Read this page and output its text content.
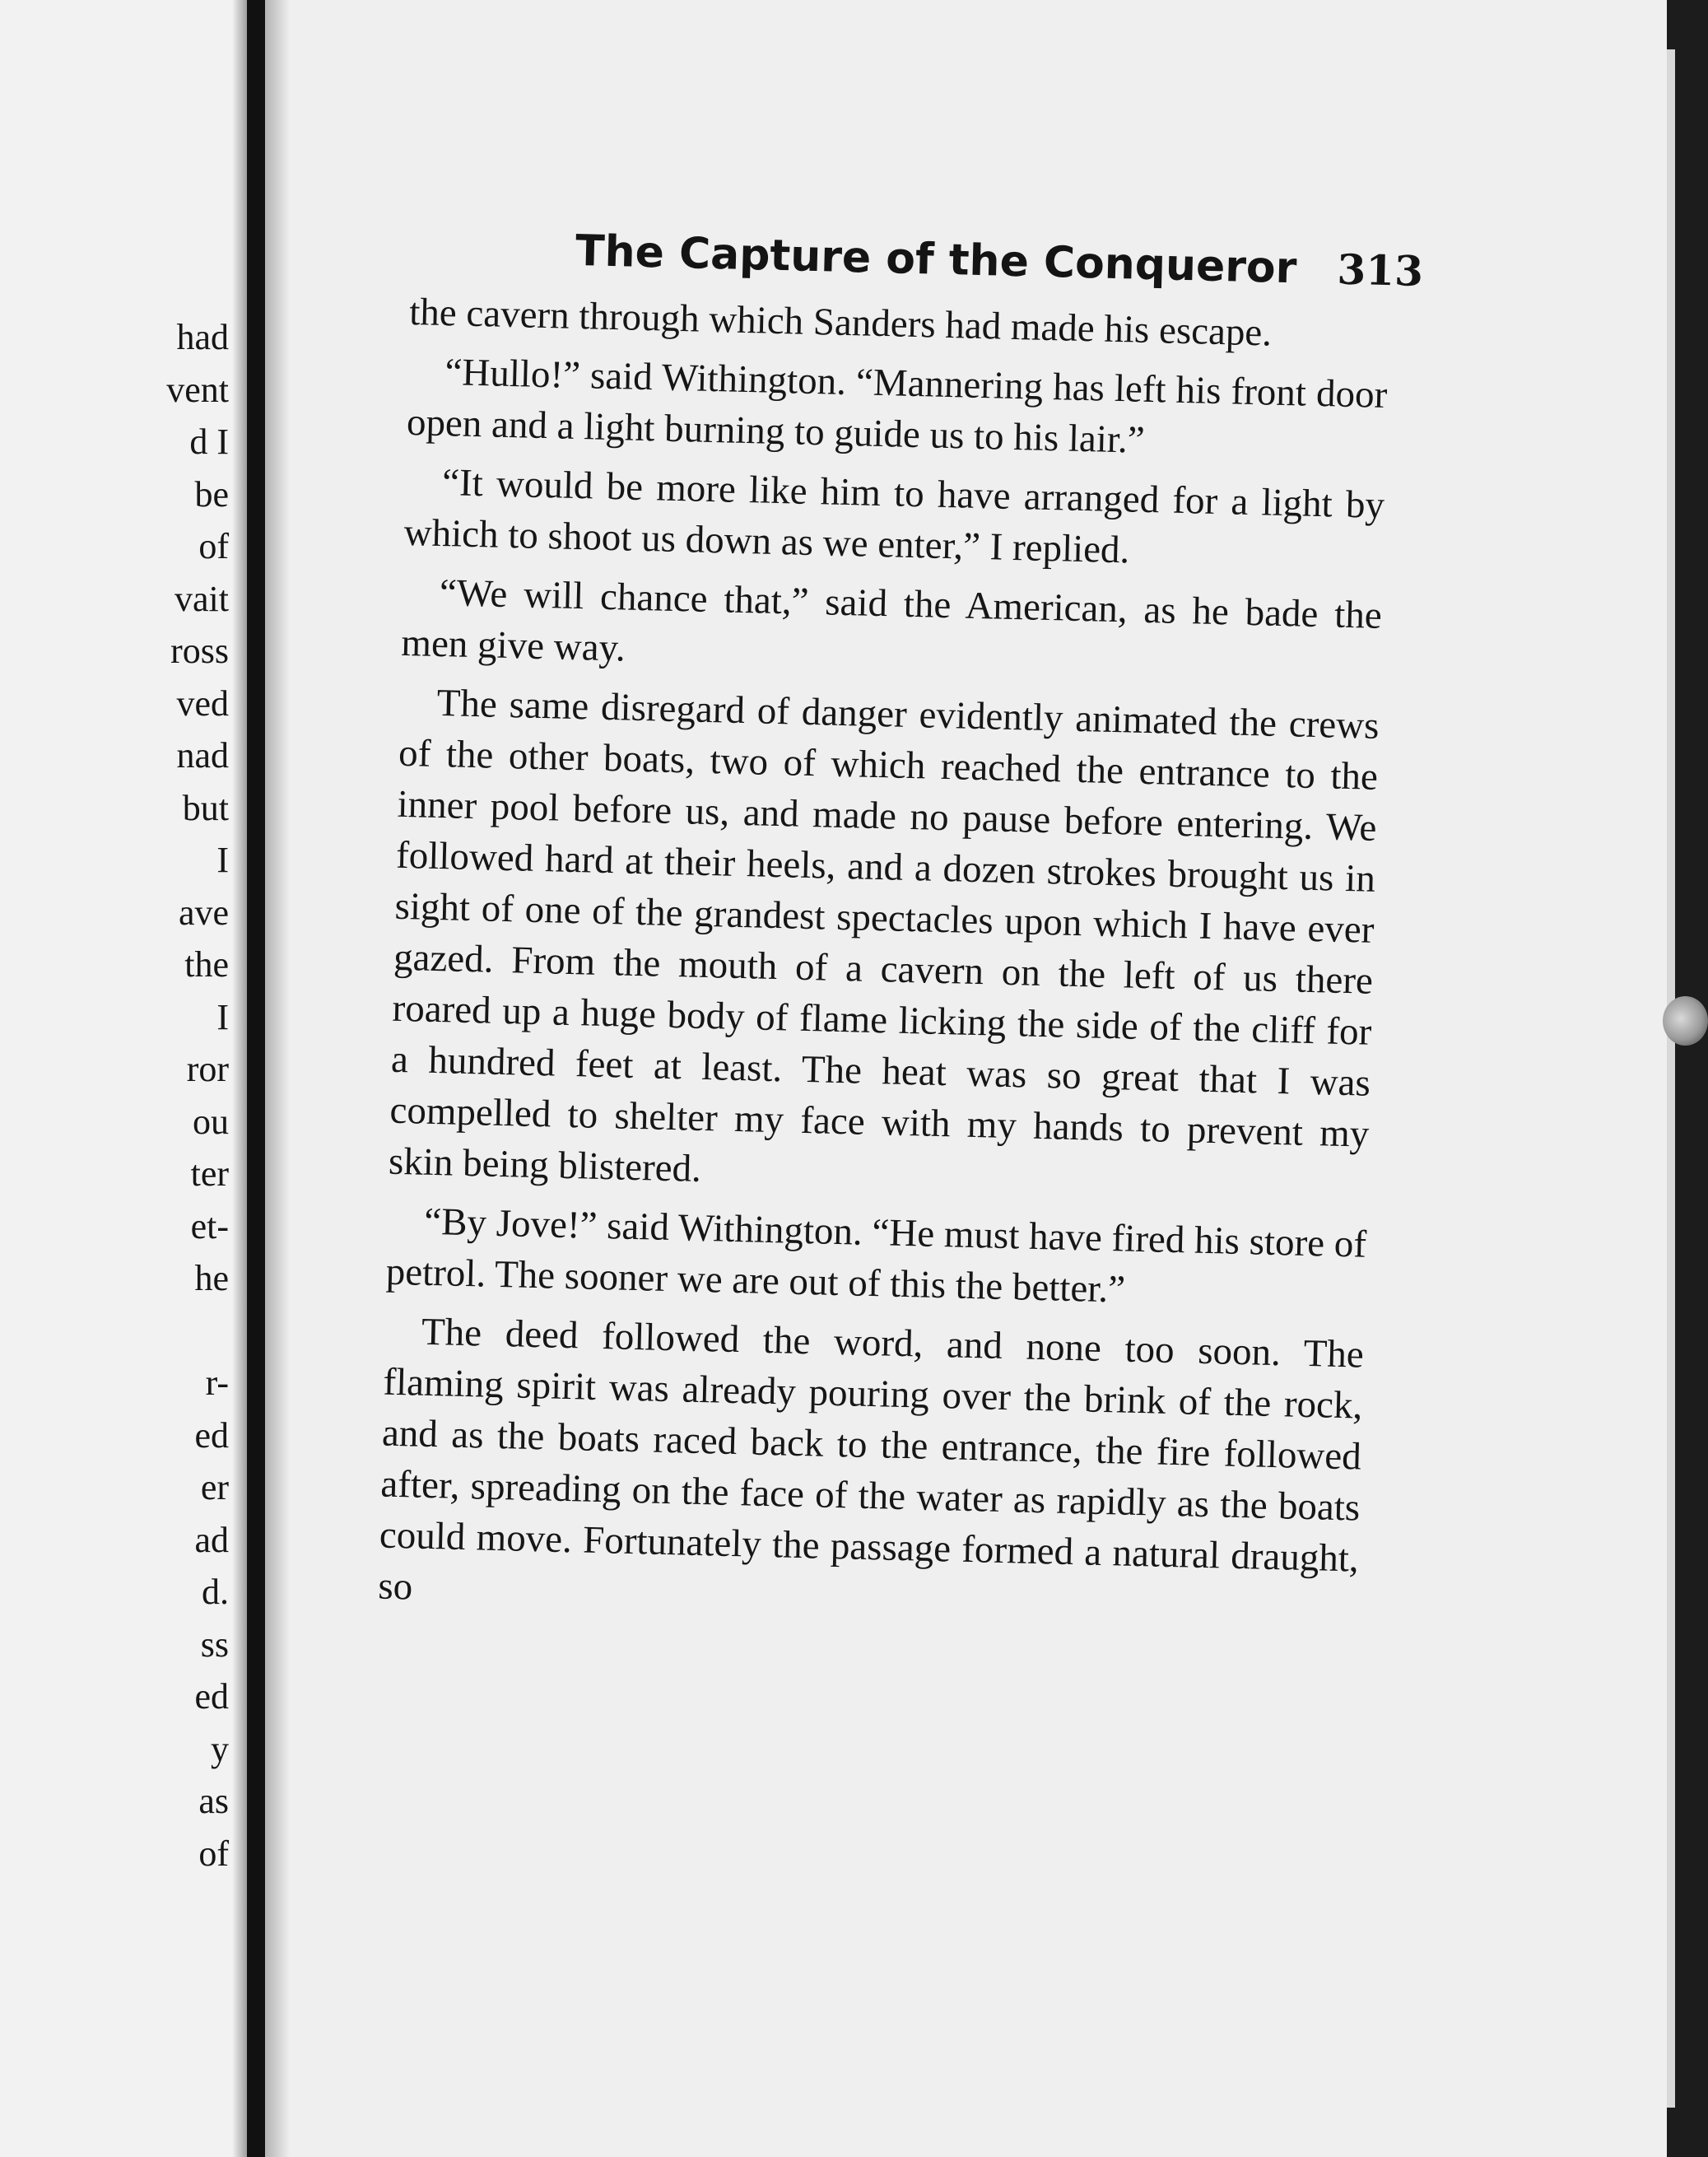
had
vent
d I
be
of
vait
ross
ved
nad
but
I
ave
the
I
ror
ou
ter
et-
he
r-
ed
er
ad
d.
ss
ed
y
as
of
The Capture of the Conqueror 313

the cavern through which Sanders had made his escape.

“Hullo!” said Withington. “Mannering has left his front door open and a light burning to guide us to his lair.”

“It would be more like him to have arranged for a light by which to shoot us down as we enter,” I replied.

“We will chance that,” said the American, as he bade the men give way.

The same disregard of danger evidently animated the crews of the other boats, two of which reached the entrance to the inner pool before us, and made no pause before entering. We followed hard at their heels, and a dozen strokes brought us in sight of one of the grandest spectacles upon which I have ever gazed. From the mouth of a cavern on the left of us there roared up a huge body of flame licking the side of the cliff for a hundred feet at least. The heat was so great that I was compelled to shelter my face with my hands to prevent my skin being blistered.

“By Jove!” said Withington. “He must have fired his store of petrol. The sooner we are out of this the better.”

The deed followed the word, and none too soon. The flaming spirit was already pouring over the brink of the rock, and as the boats raced back to the entrance, the fire followed after, spreading on the face of the water as rapidly as the boats could move. Fortunately the passage formed a natural draught, so
